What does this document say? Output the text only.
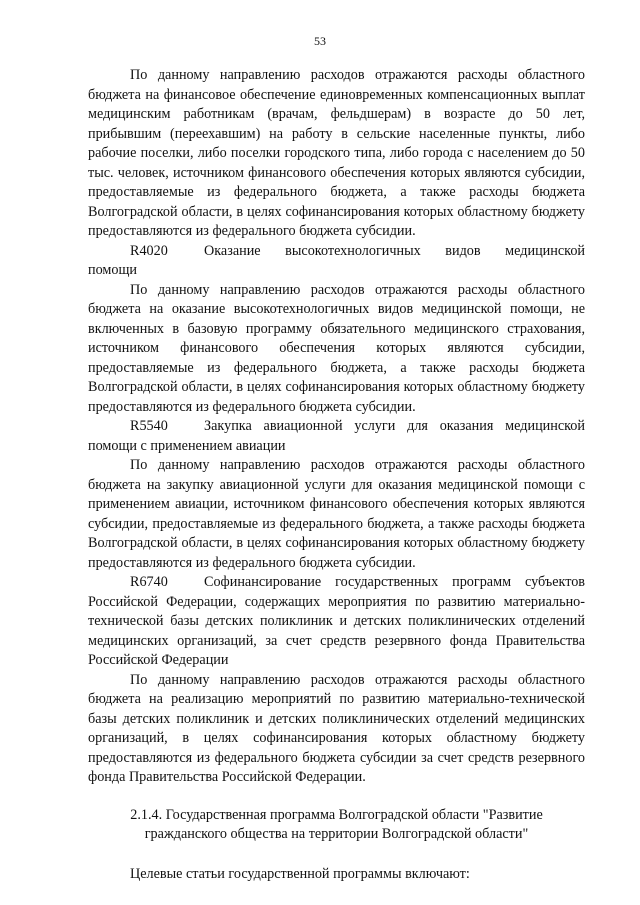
53

По данному направлению расходов отражаются расходы областного бюджета на финансовое обеспечение единовременных компенсационных выплат медицинским работникам (врачам, фельдшерам) в возрасте до 50 лет, прибывшим (переехавшим) на работу в сельские населенные пункты, либо рабочие поселки, либо поселки городского типа, либо города с населением до 50 тыс. человек, источником финансового обеспечения которых являются субсидии, предоставляемые из федерального бюджета, а также расходы бюджета Волгоградской области, в целях софинансирования которых областному бюджету предоставляются из федерального бюджета субсидии.

R4020	Оказание высокотехнологичных видов медицинской

помощи

По данному направлению расходов отражаются расходы областного бюджета на оказание высокотехнологичных видов медицинской помощи, не включенных в базовую программу обязательного медицинского страхования, источником финансового обеспечения которых являются субсидии, предоставляемые из федерального бюджета, а также расходы бюджета Волгоградской области, в целях софинансирования которых областному бюджету предоставляются из федерального бюджета субсидии.

R5540	Закупка авиационной услуги для оказания медицинской

помощи с применением авиации

По данному направлению расходов отражаются расходы областного бюджета на закупку авиационной услуги для оказания медицинской помощи с применением авиации, источником финансового обеспечения которых являются субсидии, предоставляемые из федерального бюджета, а также расходы бюджета Волгоградской области, в целях софинансирования которых областному бюджету предоставляются из федерального бюджета субсидии.

R6740	Софинансирование государственных программ субъектов

Российской Федерации, содержащих мероприятия по развитию материально-технической базы детских поликлиник и детских поликлинических отделений медицинских организаций, за счет средств резервного фонда Правительства Российской Федерации

По данному направлению расходов отражаются расходы областного бюджета на реализацию мероприятий по развитию материально-технической базы детских поликлиник и детских поликлинических отделений медицинских организаций, в целях софинансирования которых областному бюджету предоставляются из федерального бюджета субсидии за счет средств резервного фонда Правительства Российской Федерации.

2.1.4. Государственная программа Волгоградской области "Развитие гражданского общества на территории Волгоградской области"

Целевые статьи государственной программы включают:
